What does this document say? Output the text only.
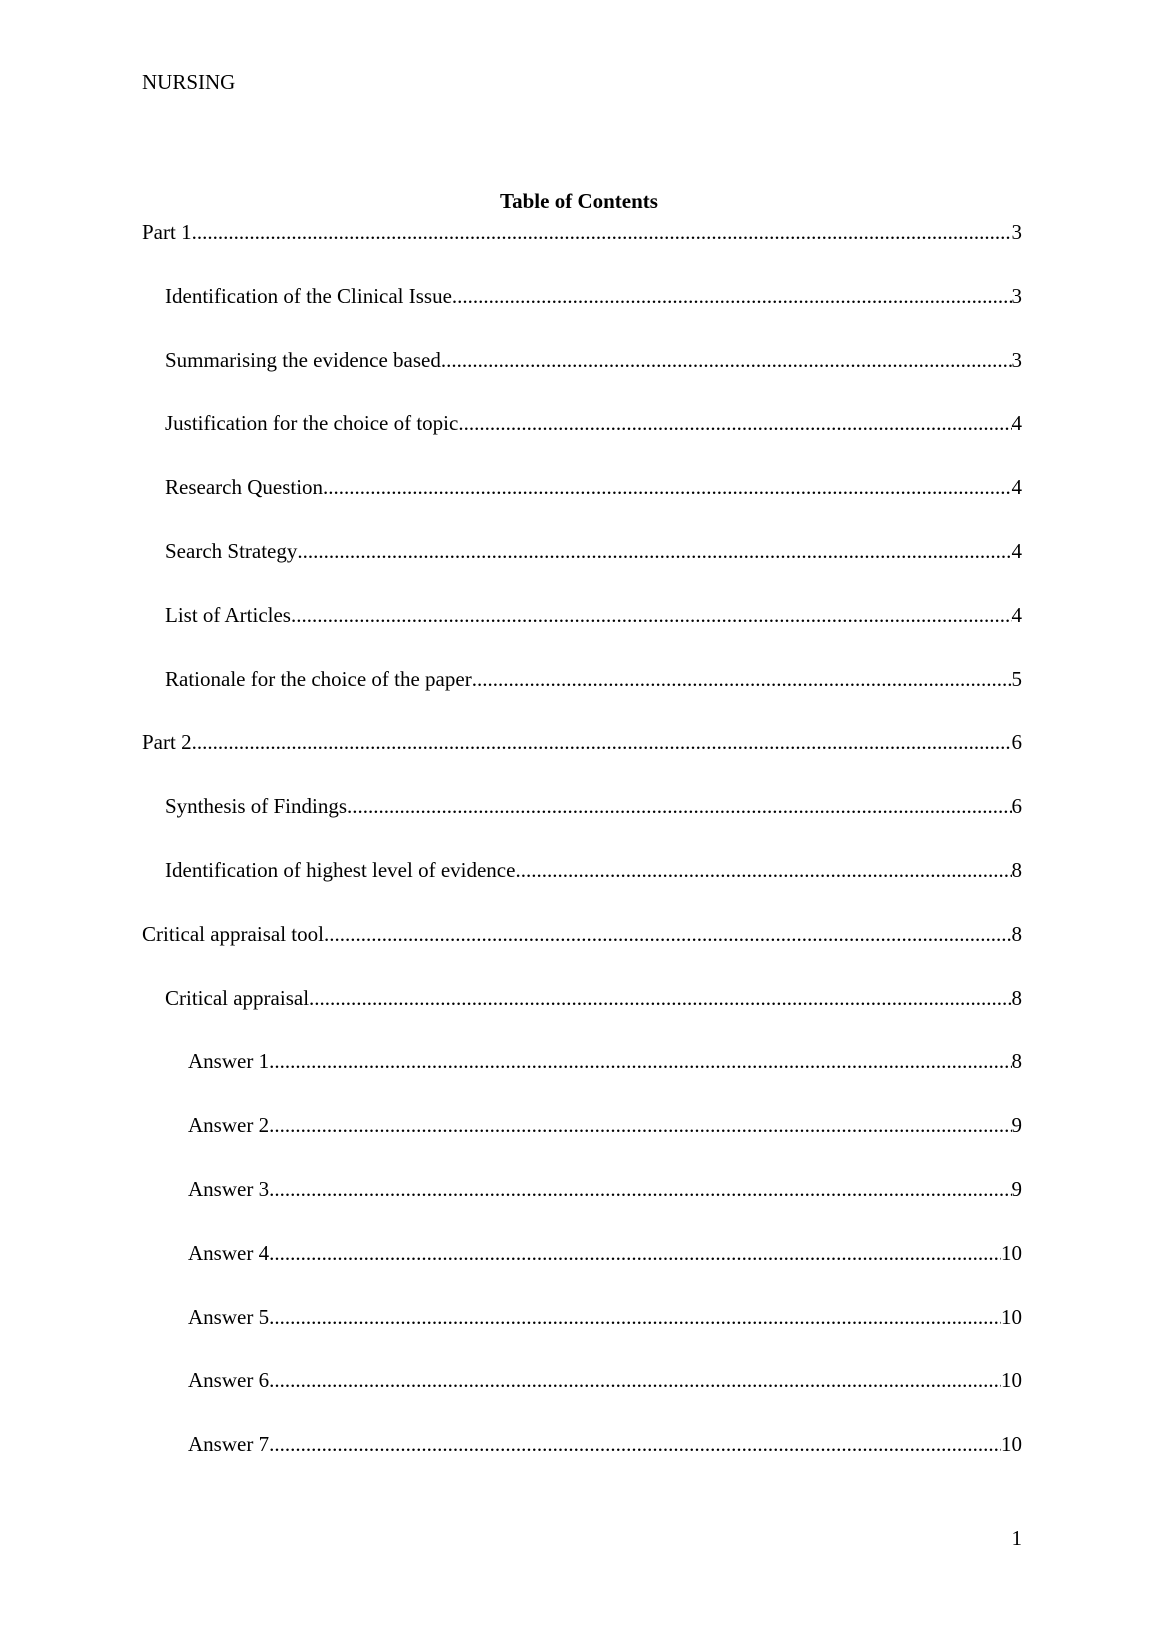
NURSING
Table of Contents
Part 1 .....	3
Identification of the Clinical Issue .....	3
Summarising the evidence based .....	3
Justification for the choice of topic .....	4
Research Question .....	4
Search Strategy .....	4
List of Articles .....	4
Rationale for the choice of the paper .....	5
Part 2 .....	6
Synthesis of Findings .....	6
Identification of highest level of evidence .....	8
Critical appraisal tool .....	8
Critical appraisal .....	8
Answer 1 .....	8
Answer 2 .....	9
Answer 3 .....	9
Answer 4 .....	10
Answer 5 .....	10
Answer 6 .....	10
Answer 7 .....	10
1
